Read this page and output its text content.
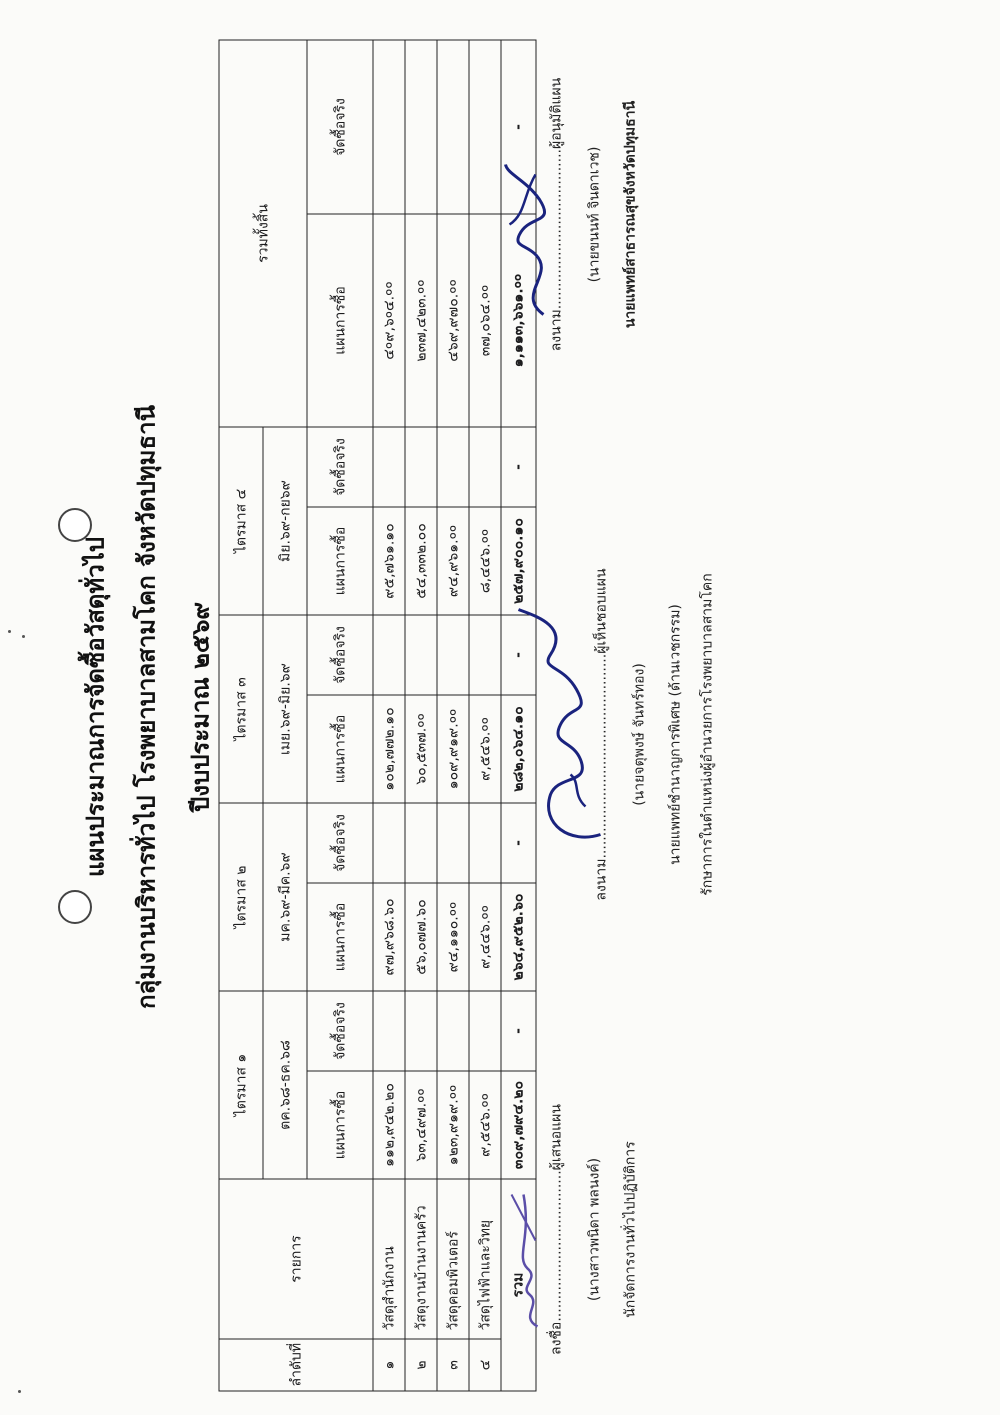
แผนประมาณการจัดซื้อวัสดุทั่วไป กลุ่มงานบริหารทั่วไป โรงพยาบาลสามโคก จังหวัดปทุมธานี ปีงบประมาณ ๒๕๖๙
ลำดับที่	รายการ	ไตรมาส ๑		ไตรมาส ๒		ไตรมาส ๓		ไตรมาส ๔		รวมทั้งสิ้น	
		ตค.๖๘-ธค.๖๘		มค.๖๙-มีค.๖๙		เมย.๖๙-มิย.๖๙		มิย.๖๙-กย๖๙			
		แผนการซื้อ	จัดซื้อจริง	แผนการซื้อ	จัดซื้อจริง	แผนการซื้อ	จัดซื้อจริง	แผนการซื้อ	จัดซื้อจริง	แผนการซื้อ	จัดซื้อจริง
๑	วัสดุสำนักงาน	๑๑๒,๙๔๒.๒๐		๙๗,๙๖๘.๖๐		๑๐๒,๗๗๒.๑๐		๙๕,๗๖๑.๑๐		๔०๙,๖०๔.००	
๒	วัสดุงานบ้านงานครัว	๖๓,๔๙๗.००		๕๖,๐๗๗.๖๐		๖๐,๕๓๗.००		๕๔,๓๓๒.๐๐		๒๓๗,๔๒๓.००	
๓	วัสดุคอมพิวเตอร์	๑๒๓,๙๑๙.००		๙๔,๑๑๐.००		๑๐๙,๙๑๙.००		๙๔,๙๖๑.००		๔๖๙,๙๗๐.००	
๔	วัสดุไฟฟ้าและวิทยุ	๙,๕๔๖.००		๙,๔๔๖.००		๙,๕๔๖.००		๘,๔๔๖.००		๓๗,๐๖๔.००	
รวม		๓๐๙,๗๙๔.๒๐	-	๒๖๔,๙๕๒.๖๐	-	๒๘๒,๐๖๔.๑๐	-	๒๕๗,๙๐๐.๑๐	-	๑,๑๑๓,๖๖๑.००	-
ลงชื่อ..................................ผู้เสนอแผน (นางสาวพนิดา พลนงค์) นักจัดการงานทั่วไปปฏิบัติการ
ลงนาม..............................................ผู้เห็นชอบแผน (นายจตุพงษ์ จันทร์ทอง) นายแพทย์ชำนาญการพิเศษ (ด้านเวชกรรม) รักษาการในตำแหน่งผู้อำนวยการโรงพยาบาลสามโคก
ลงนาม....................................ผู้อนุมัติแผน (นายขนนท์ จินดาเวช) นายแพทย์สาธารณสุขจังหวัดปทุมธานี
